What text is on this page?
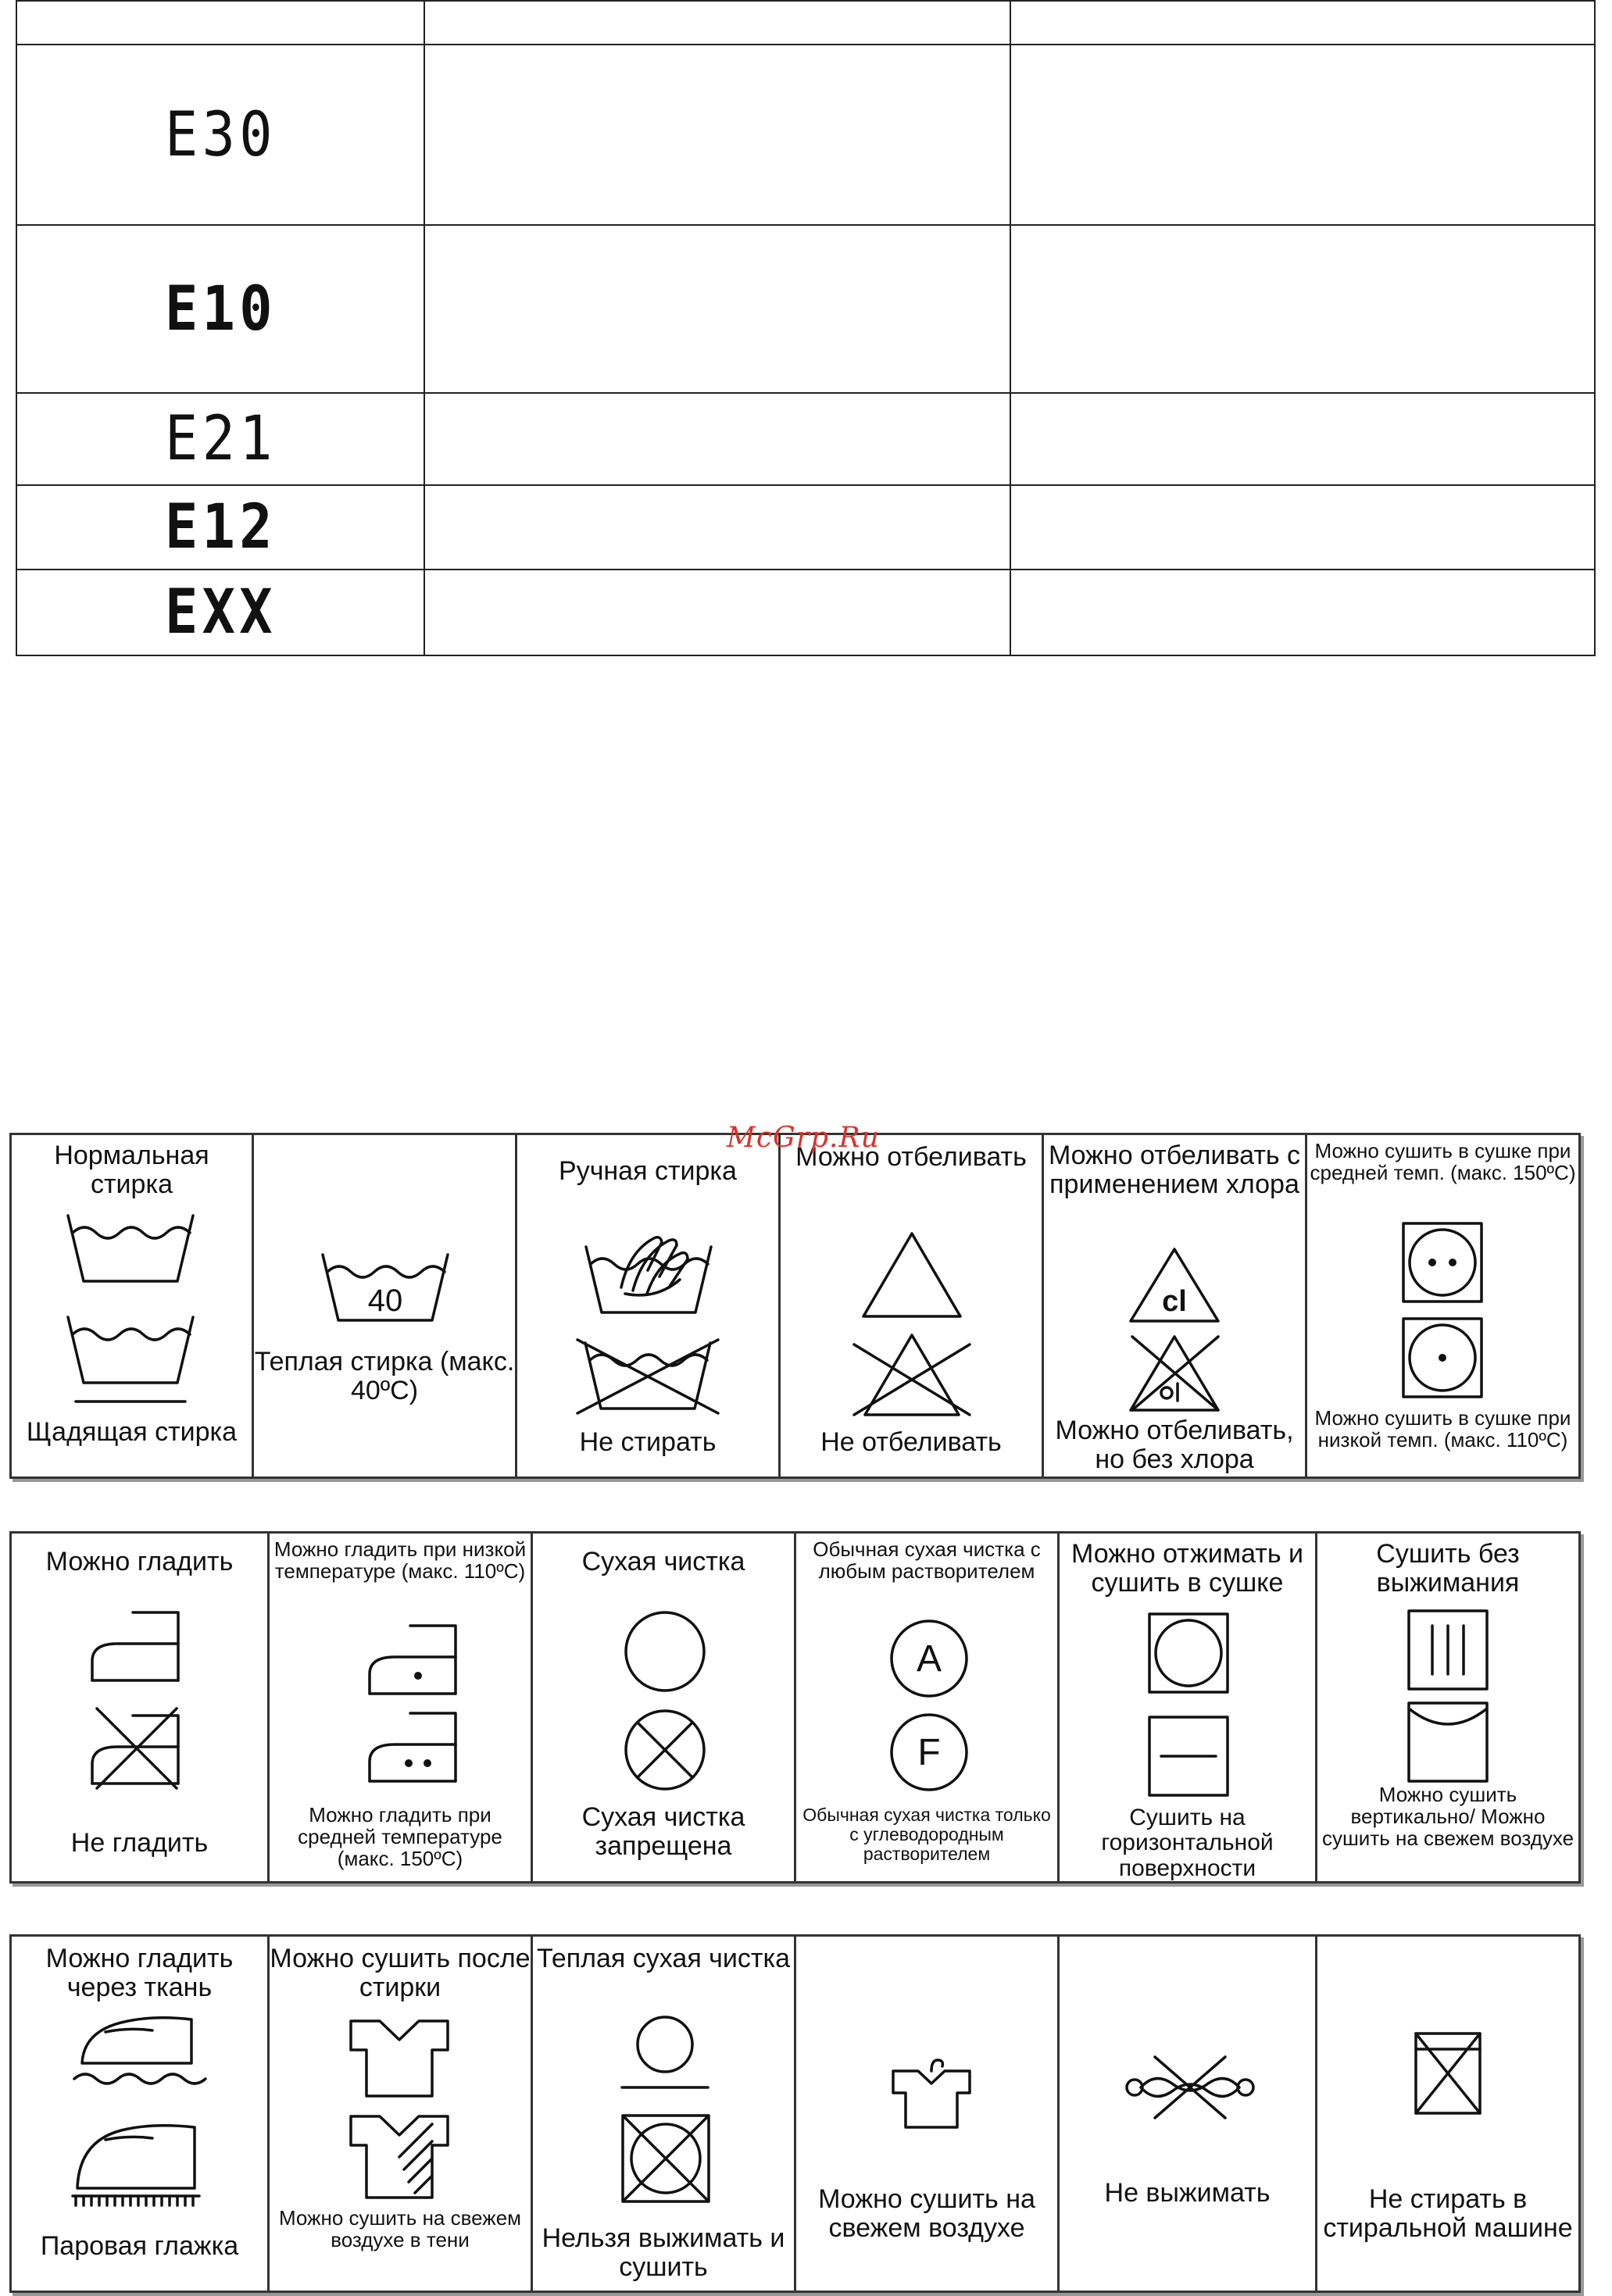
E30		
E10		
E21		
E12		
EXX		
McGrp.Ru
Нормальная стирка
Щадящая стирка
40
Теплая стирка (макс. 40ºС)
Ручная стирка
Не стирать
Можно отбеливать
Не отбеливать
Можно отбеливать с применением хлора
cl
Можно отбеливать, но без хлора
Можно сушить в сушке при средней темп. (макс. 150ºС)
Можно сушить в сушке при низкой темп. (макс. 110ºС)
Можно гладить
Не гладить
Можно гладить при низкой температуре (макс. 110ºС)
Можно гладить при средней температуре (макс. 150ºС)
Сухая чистка
Сухая чистка запрещена
Обычная сухая чистка с любым растворителем
A
F
Обычная сухая чистка только с углеводородным растворителем
Можно отжимать и сушить в сушке
Сушить на горизонтальной поверхности
Сушить без выжимания
Можно сушить вертикально/ Можно сушить на свежем воздухе
Можно гладить через ткань
Паровая глажка
Можно сушить после стирки
Можно сушить на свежем воздухе в тени
Теплая сухая чистка
Нельзя выжимать и сушить
Можно сушить на свежем воздухе
Не выжимать	Не стирать в стиральной машине
